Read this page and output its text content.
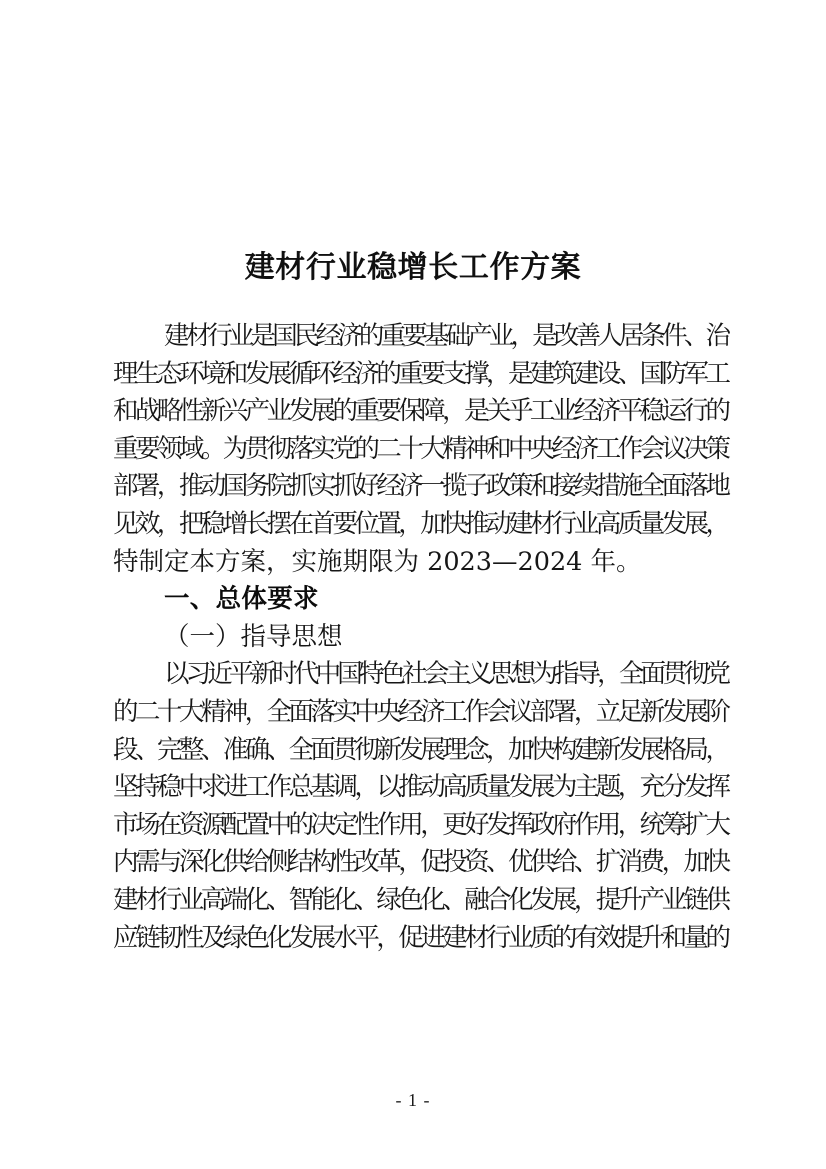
建材行业稳增长工作方案
建材行业是国民经济的重要基础产业，是改善人居条件、治
理生态环境和发展循环经济的重要支撑，是建筑建设、国防军工
和战略性新兴产业发展的重要保障，是关乎工业经济平稳运行的
重要领域。为贯彻落实党的二十大精神和中央经济工作会议决策
部署，推动国务院抓实抓好经济一揽子政策和接续措施全面落地
见效，把稳增长摆在首要位置，加快推动建材行业高质量发展，
特制定本方案，实施期限为 2023—2024 年。
一、总体要求
（一）指导思想
以习近平新时代中国特色社会主义思想为指导，全面贯彻党
的二十大精神，全面落实中央经济工作会议部署，立足新发展阶
段、完整、准确、全面贯彻新发展理念，加快构建新发展格局，
坚持稳中求进工作总基调，以推动高质量发展为主题，充分发挥
市场在资源配置中的决定性作用，更好发挥政府作用，统筹扩大
内需与深化供给侧结构性改革，促投资、优供给、扩消费，加快
建材行业高端化、智能化、绿色化、融合化发展，提升产业链供
应链韧性及绿色化发展水平，促进建材行业质的有效提升和量的
- 1 -
